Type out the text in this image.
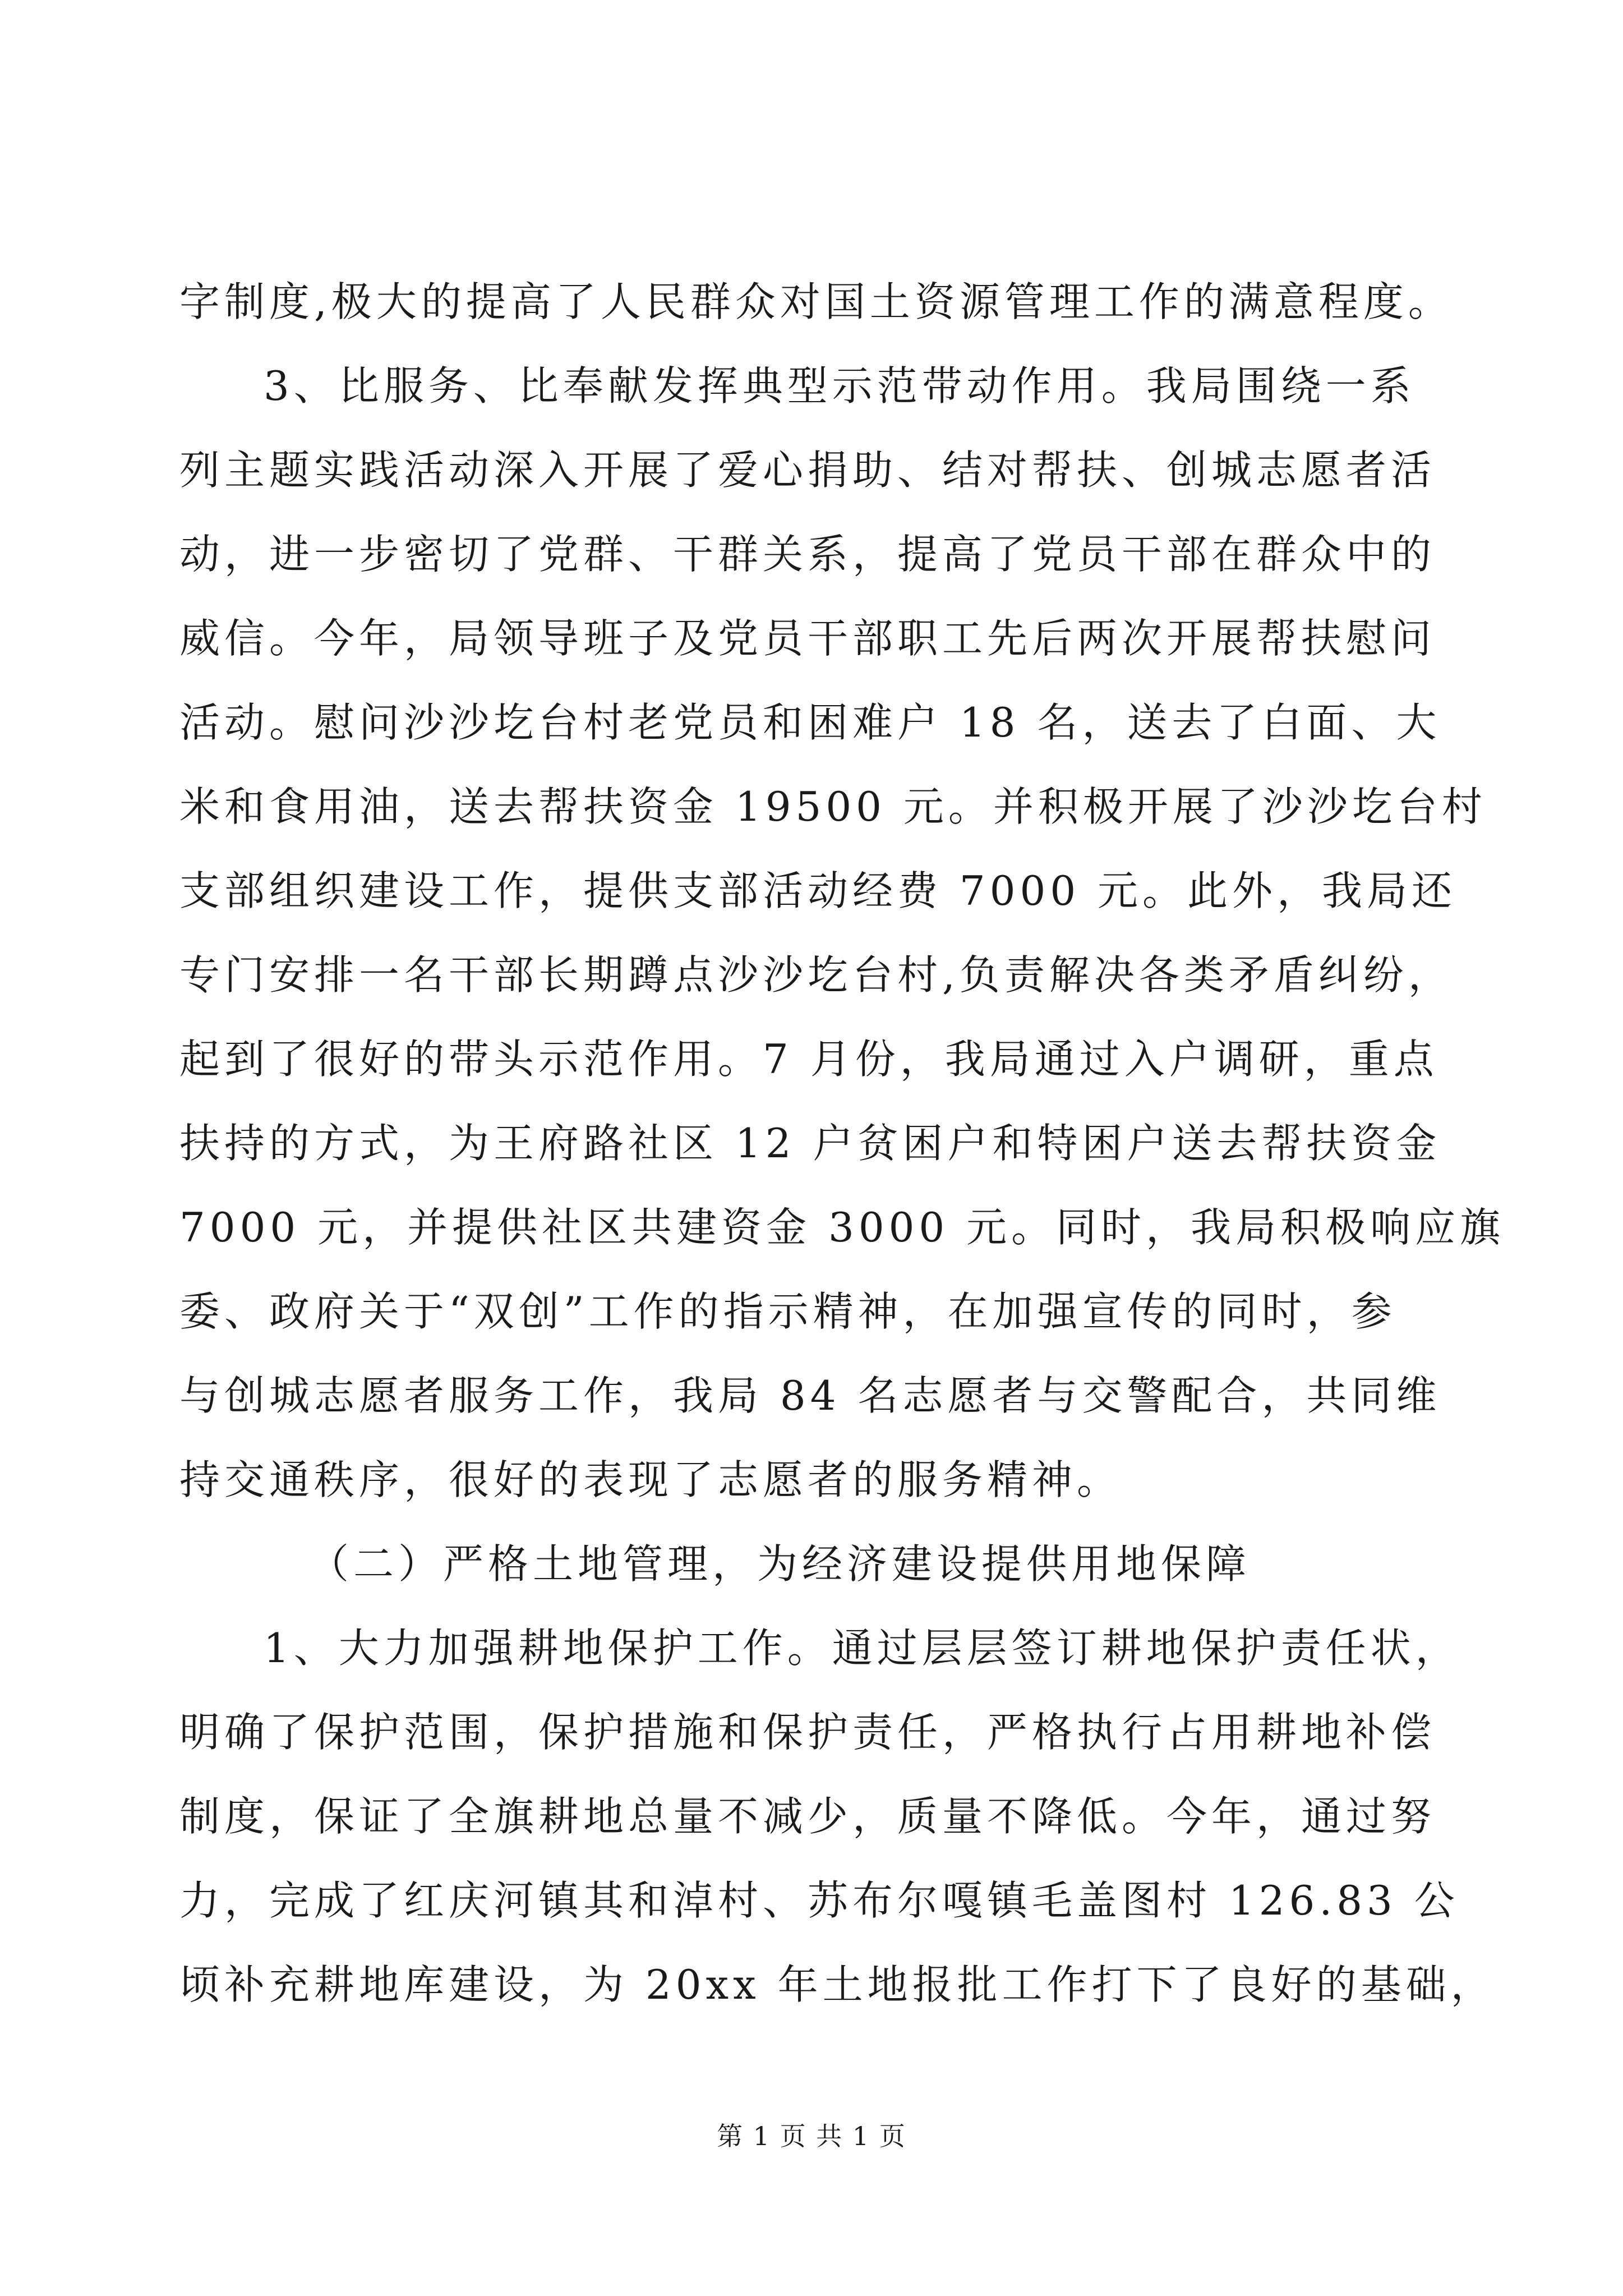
字制度,极大的提高了人民群众对国土资源管理工作的满意程度。
3、比服务、比奉献发挥典型示范带动作用。我局围绕一系
列主题实践活动深入开展了爱心捐助、结对帮扶、创城志愿者活
动，进一步密切了党群、干群关系，提高了党员干部在群众中的
威信。今年，局领导班子及党员干部职工先后两次开展帮扶慰问
活动。慰问沙沙圪台村老党员和困难户 18 名，送去了白面、大
米和食用油，送去帮扶资金 19500 元。并积极开展了沙沙圪台村
支部组织建设工作，提供支部活动经费 7000 元。此外，我局还
专门安排一名干部长期蹲点沙沙圪台村,负责解决各类矛盾纠纷，
起到了很好的带头示范作用。7 月份，我局通过入户调研，重点
扶持的方式，为王府路社区 12 户贫困户和特困户送去帮扶资金
7000 元，并提供社区共建资金 3000 元。同时，我局积极响应旗
委、政府关于“双创”工作的指示精神，在加强宣传的同时，参
与创城志愿者服务工作，我局 84 名志愿者与交警配合，共同维
持交通秩序，很好的表现了志愿者的服务精神。
（二）严格土地管理，为经济建设提供用地保障
1、大力加强耕地保护工作。通过层层签订耕地保护责任状，
明确了保护范围，保护措施和保护责任，严格执行占用耕地补偿
制度，保证了全旗耕地总量不减少，质量不降低。今年，通过努
力，完成了红庆河镇其和淖村、苏布尔嘎镇毛盖图村 126.83 公
顷补充耕地库建设，为 20xx 年土地报批工作打下了良好的基础，
第 1 页 共 1 页
